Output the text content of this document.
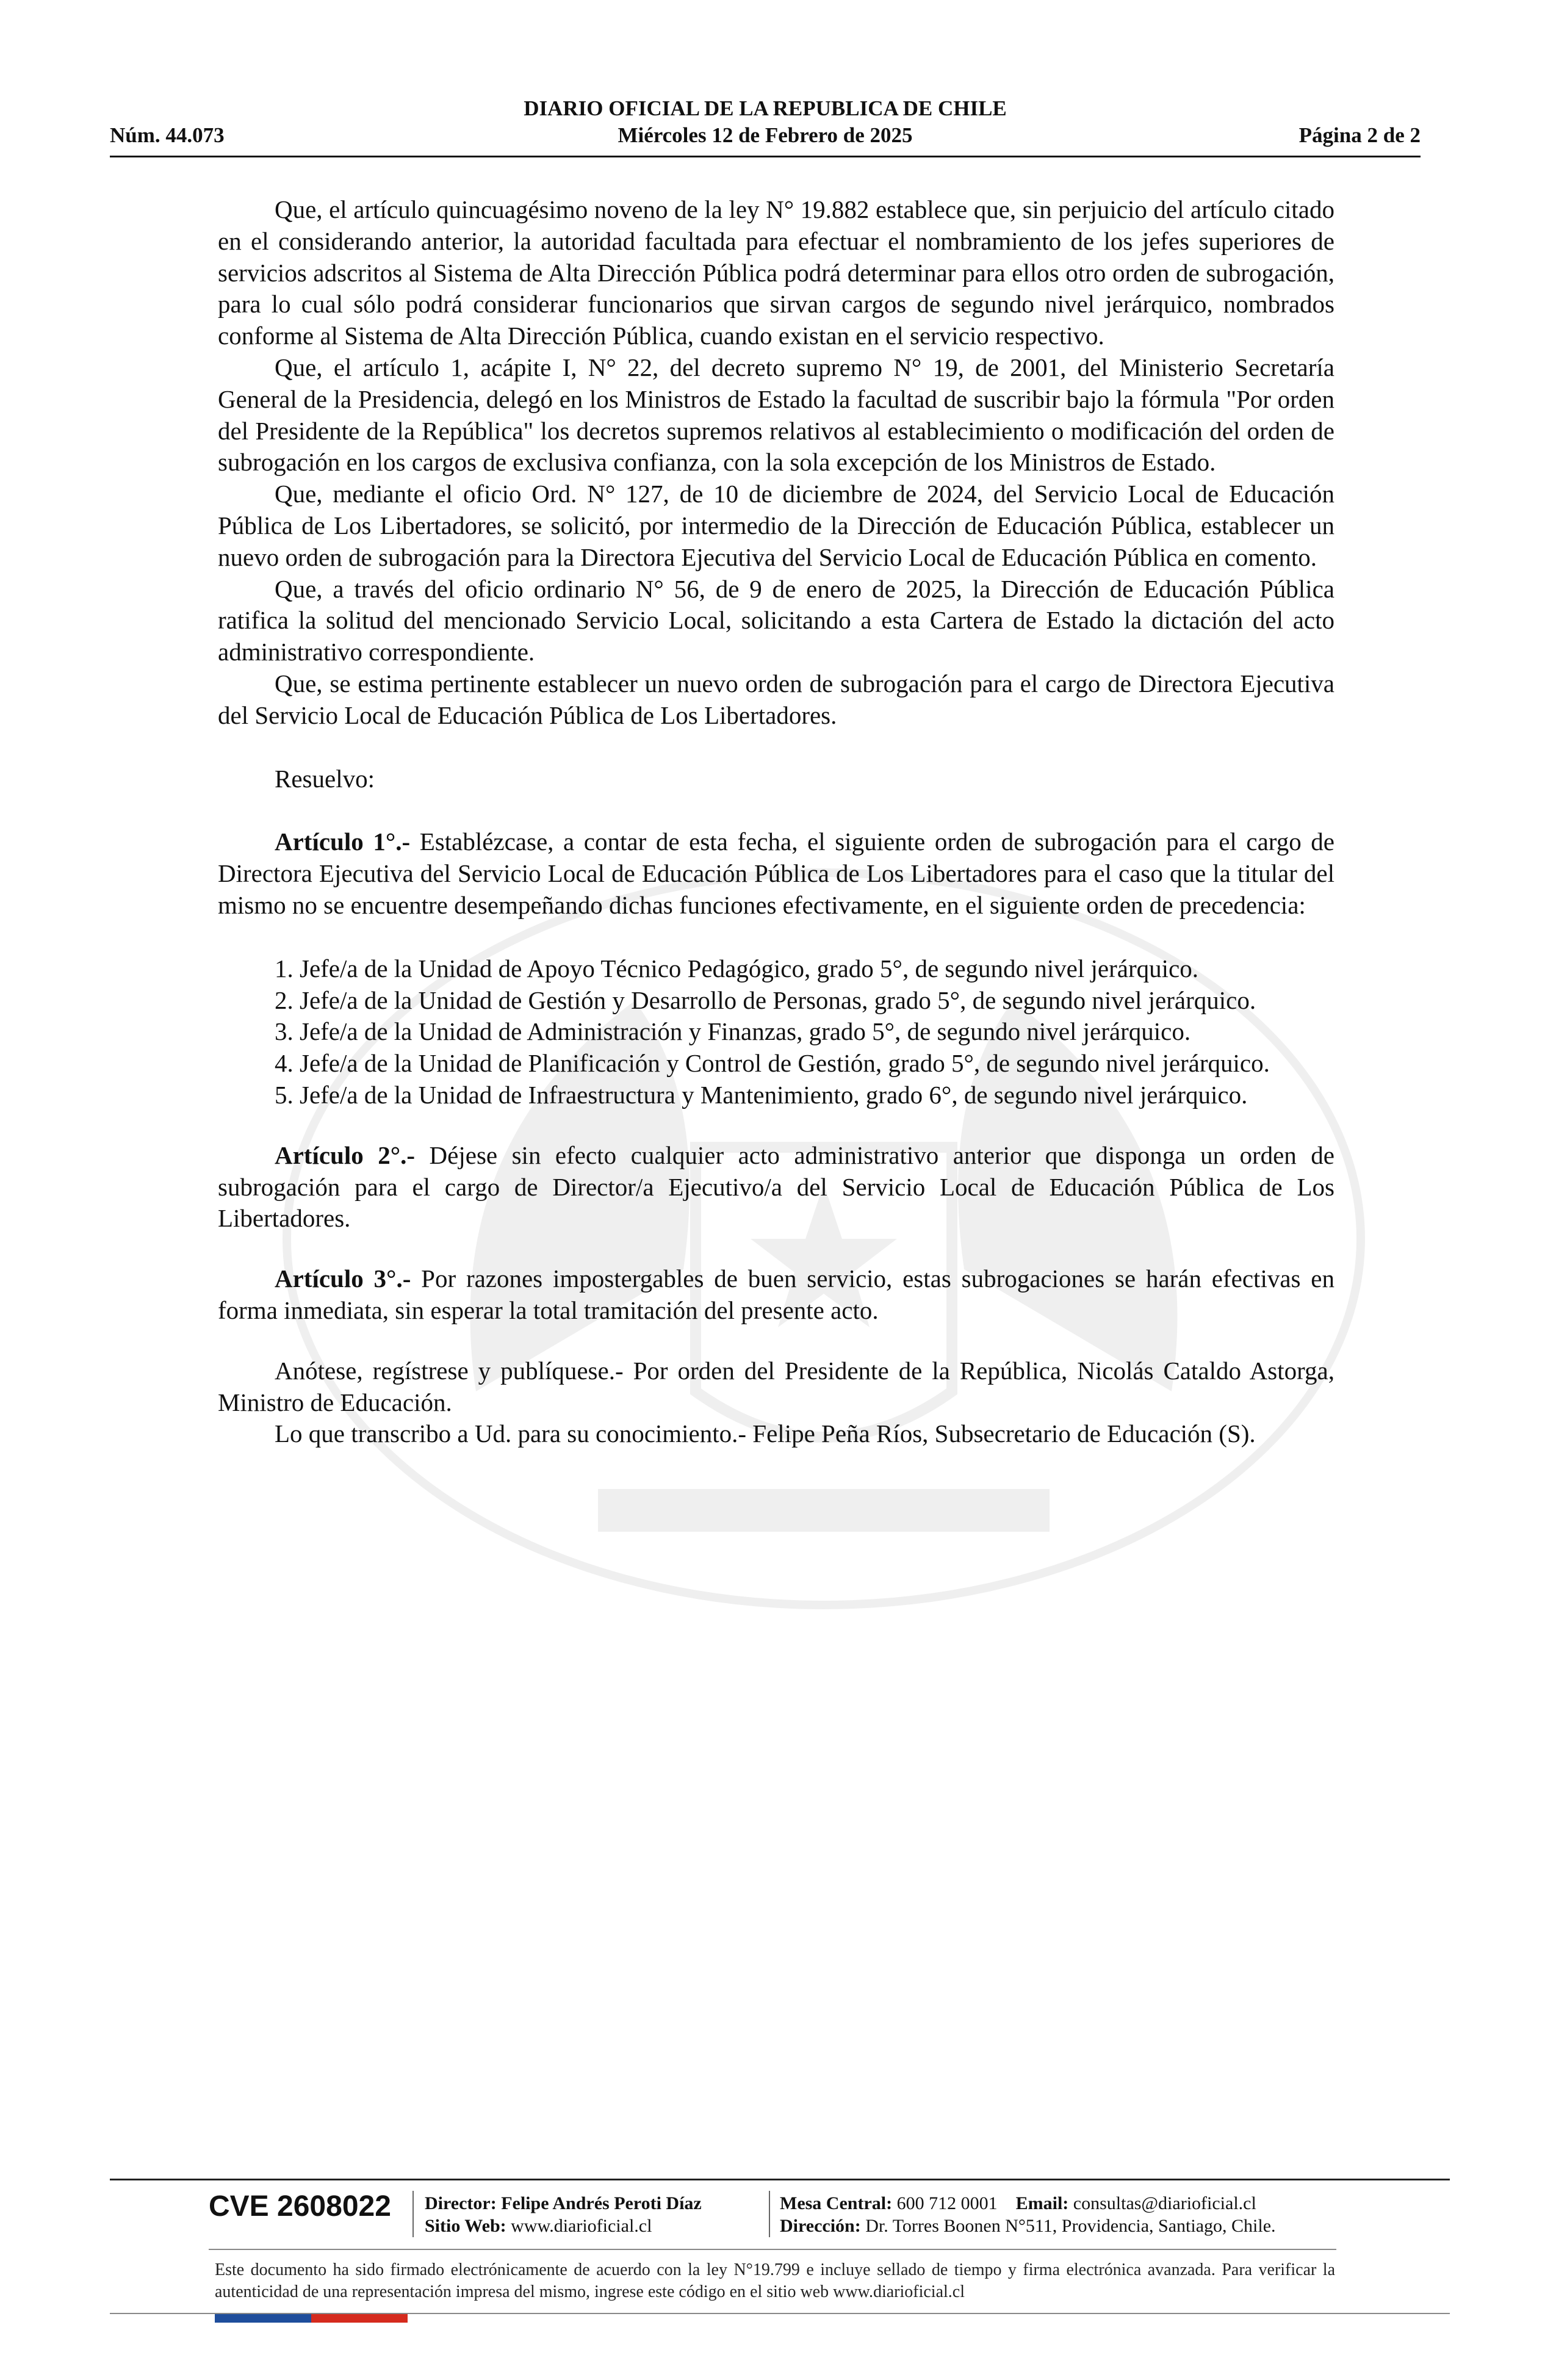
DIARIO OFICIAL DE LA REPUBLICA DE CHILE
Núm. 44.073	Miércoles 12 de Febrero de 2025	Página 2 de 2

Que, el artículo quincuagésimo noveno de la ley N° 19.882 establece que, sin perjuicio del artículo citado en el considerando anterior, la autoridad facultada para efectuar el nombramiento de los jefes superiores de servicios adscritos al Sistema de Alta Dirección Pública podrá determinar para ellos otro orden de subrogación, para lo cual sólo podrá considerar funcionarios que sirvan cargos de segundo nivel jerárquico, nombrados conforme al Sistema de Alta Dirección Pública, cuando existan en el servicio respectivo.

Que, el artículo 1, acápite I, N° 22, del decreto supremo N° 19, de 2001, del Ministerio Secretaría General de la Presidencia, delegó en los Ministros de Estado la facultad de suscribir bajo la fórmula "Por orden del Presidente de la República" los decretos supremos relativos al establecimiento o modificación del orden de subrogación en los cargos de exclusiva confianza, con la sola excepción de los Ministros de Estado.

Que, mediante el oficio Ord. N° 127, de 10 de diciembre de 2024, del Servicio Local de Educación Pública de Los Libertadores, se solicitó, por intermedio de la Dirección de Educación Pública, establecer un nuevo orden de subrogación para la Directora Ejecutiva del Servicio Local de Educación Pública en comento.

Que, a través del oficio ordinario N° 56, de 9 de enero de 2025, la Dirección de Educación Pública ratifica la solitud del mencionado Servicio Local, solicitando a esta Cartera de Estado la dictación del acto administrativo correspondiente.

Que, se estima pertinente establecer un nuevo orden de subrogación para el cargo de Directora Ejecutiva del Servicio Local de Educación Pública de Los Libertadores.

Resuelvo:

Artículo 1°.- Establézcase, a contar de esta fecha, el siguiente orden de subrogación para el cargo de Directora Ejecutiva del Servicio Local de Educación Pública de Los Libertadores para el caso que la titular del mismo no se encuentre desempeñando dichas funciones efectivamente, en el siguiente orden de precedencia:

1. Jefe/a de la Unidad de Apoyo Técnico Pedagógico, grado 5°, de segundo nivel jerárquico.

2. Jefe/a de la Unidad de Gestión y Desarrollo de Personas, grado 5°, de segundo nivel jerárquico.

3. Jefe/a de la Unidad de Administración y Finanzas, grado 5°, de segundo nivel jerárquico.

4. Jefe/a de la Unidad de Planificación y Control de Gestión, grado 5°, de segundo nivel jerárquico.

5. Jefe/a de la Unidad de Infraestructura y Mantenimiento, grado 6°, de segundo nivel jerárquico.

Artículo 2°.- Déjese sin efecto cualquier acto administrativo anterior que disponga un orden de subrogación para el cargo de Director/a Ejecutivo/a del Servicio Local de Educación Pública de Los Libertadores.

Artículo 3°.- Por razones impostergables de buen servicio, estas subrogaciones se harán efectivas en forma inmediata, sin esperar la total tramitación del presente acto.

Anótese, regístrese y publíquese.- Por orden del Presidente de la República, Nicolás Cataldo Astorga, Ministro de Educación.

Lo que transcribo a Ud. para su conocimiento.- Felipe Peña Ríos, Subsecretario de Educación (S).

CVE 2608022	Director: Felipe Andrés Peroti Díaz
Sitio Web: www.diarioficial.cl
Mesa Central: 600 712 0001 Email: consultas@diarioficial.cl
Dirección: Dr. Torres Boonen N°511, Providencia, Santiago, Chile.
Este documento ha sido firmado electrónicamente de acuerdo con la ley N°19.799 e incluye sellado de tiempo y firma electrónica avanzada. Para verificar la autenticidad de una representación impresa del mismo, ingrese este código en el sitio web www.diarioficial.cl
